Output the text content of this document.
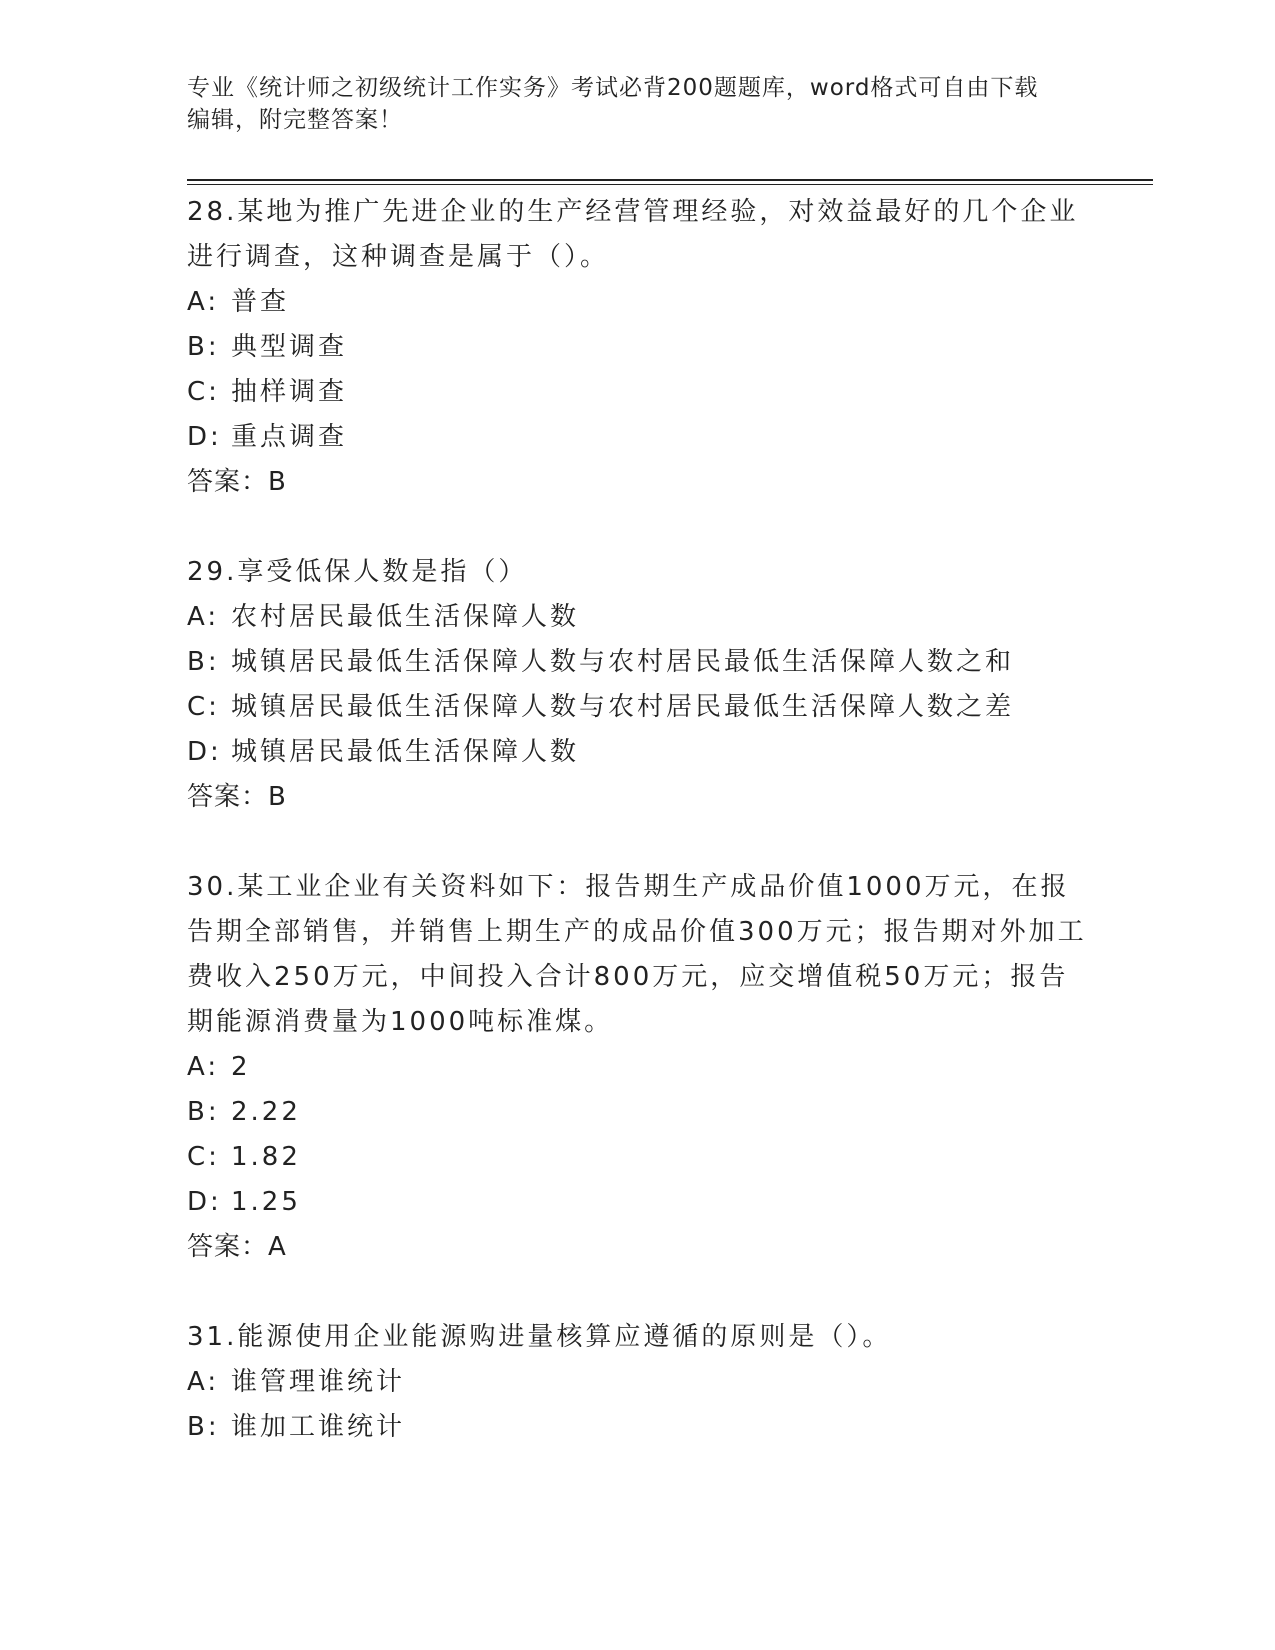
专业《统计师之初级统计工作实务》考试必背200题题库，word格式可自由下载
编辑，附完整答案！

28.某地为推广先进企业的生产经营管理经验，对效益最好的几个企业进行调查，这种调查是属于（）。

A: 普查
B: 典型调查
C: 抽样调查
D: 重点调查
答案：B

29.享受低保人数是指（）

A: 农村居民最低生活保障人数
B: 城镇居民最低生活保障人数与农村居民最低生活保障人数之和
C: 城镇居民最低生活保障人数与农村居民最低生活保障人数之差
D: 城镇居民最低生活保障人数
答案：B

30.某工业企业有关资料如下：报告期生产成品价值1000万元，在报告期全部销售，并销售上期生产的成品价值300万元；报告期对外加工费收入250万元，中间投入合计800万元，应交增值税50万元；报告期能源消费量为1000吨标准煤。

A: 2
B: 2.22
C: 1.82
D: 1.25
答案：A

31.能源使用企业能源购进量核算应遵循的原则是（）。

A: 谁管理谁统计
B: 谁加工谁统计
